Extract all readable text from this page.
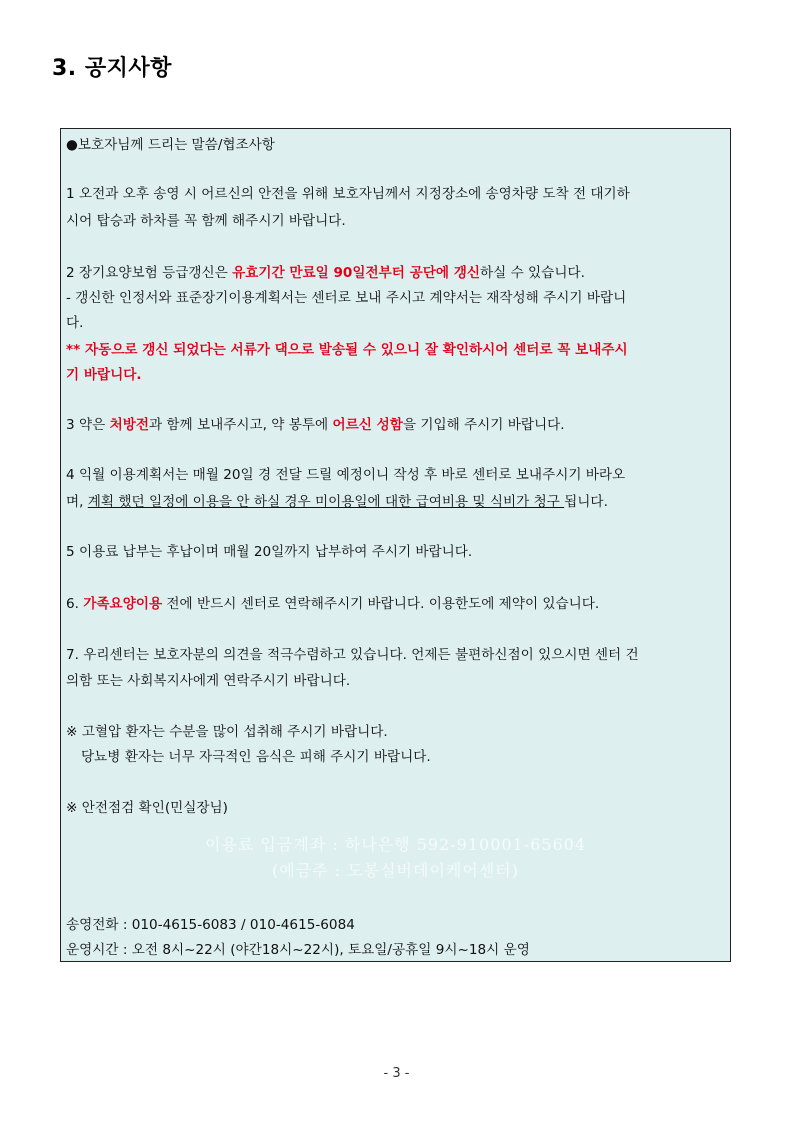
3. 공지사항
●보호자님께 드리는 말씀/협조사항
1 오전과 오후 송영 시 어르신의 안전을 위해 보호자님께서 지정장소에 송영차량 도착 전 대기하
시어 탑승과 하차를 꼭 함께 해주시기 바랍니다.
2 장기요양보험 등급갱신은 유효기간 만료일 90일전부터 공단에 갱신하실 수 있습니다.
- 갱신한 인정서와 표준장기이용계획서는 센터로 보내 주시고 계약서는 재작성해 주시기 바랍니
다.
** 자동으로 갱신 되었다는 서류가 댁으로 발송될 수 있으니 잘 확인하시어 센터로 꼭 보내주시
기 바랍니다.
3 약은 처방전과 함께 보내주시고, 약 봉투에 어르신 성함을 기입해 주시기 바랍니다.
4 익월 이용계획서는 매월 20일 경 전달 드릴 예정이니 작성 후 바로 센터로 보내주시기 바라오
며, 계획 했던 일정에 이용을 안 하실 경우 미이용일에 대한 급여비용 및 식비가 청구 됩니다.
5 이용료 납부는 후납이며 매월 20일까지 납부하여 주시기 바랍니다.
6. 가족요양이용 전에 반드시 센터로 연락해주시기 바랍니다. 이용한도에 제약이 있습니다.
7. 우리센터는 보호자분의 의견을 적극수렴하고 있습니다. 언제든 불편하신점이 있으시면 센터 건
의함 또는 사회복지사에게 연락주시기 바랍니다.
※ 고혈압 환자는 수분을 많이 섭취해 주시기 바랍니다.
당뇨병 환자는 너무 자극적인 음식은 피해 주시기 바랍니다.
※ 안전점검 확인(민실장님)
이용료 입금계좌 : 하나은행 592-910001-65604
(예금주 : 도봉실버데이케어센터)
송영전화 : 010-4615-6083 / 010-4615-6084
운영시간 : 오전 8시~22시 (야간18시~22시), 토요일/공휴일 9시~18시 운영
- 3 -
